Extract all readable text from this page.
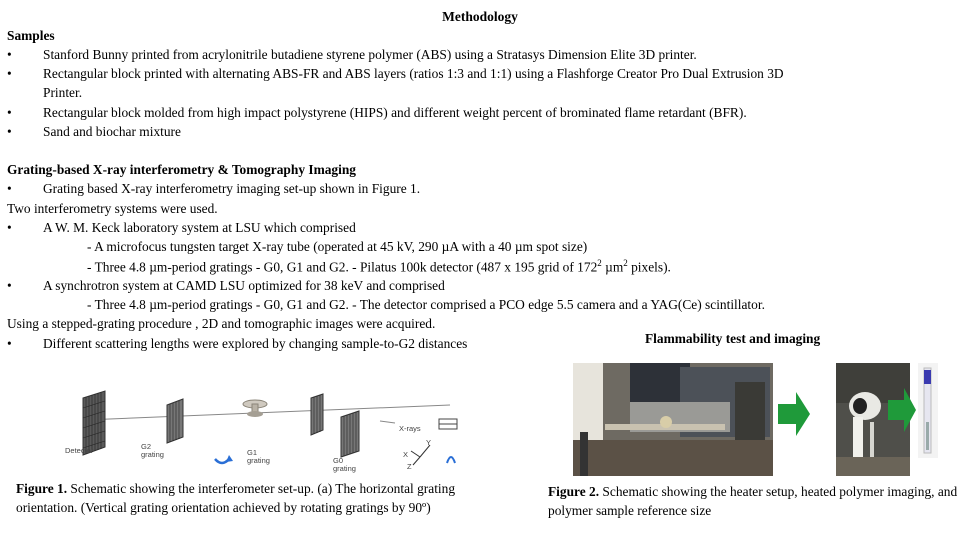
Methodology
Samples
• Stanford Bunny printed from acrylonitrile butadiene styrene polymer (ABS) using a Stratasys Dimension Elite 3D printer.
• Rectangular block printed with alternating ABS-FR and ABS layers (ratios 1:3 and 1:1) using a Flashforge Creator Pro Dual Extrusion 3D
Printer.
• Rectangular block molded from high impact polystyrene (HIPS) and different weight percent of brominated flame retardant (BFR).
• Sand and biochar mixture
Grating-based X-ray interferometry & Tomography Imaging
• Grating based X-ray interferometry imaging set-up shown in Figure 1.
Two interferometry systems were used.
• A W. M. Keck laboratory system at LSU which comprised
- A microfocus tungsten target X-ray tube (operated at 45 kV, 290 µA with a 40 µm spot size)
- Three 4.8 µm-period gratings - G0, G1 and G2. - Pilatus 100k detector (487 x 195 grid of $172^2$ µm$^2$ pixels).
• A synchrotron system at CAMD LSU optimized for 38 keV and comprised
- Three 4.8 µm-period gratings - G0, G1 and G2. - The detector comprised a PCO edge 5.5 camera and a YAG(Ce) scintillator.
Using a stepped-grating procedure , 2D and tomographic images were acquired.
• Different scattering lengths were explored by changing sample-to-G2 distances	Flammability test and imaging
Detector	G2
grating	G1
grating	G0
grating
X-rays
Y
X
Z
Figure 1. Schematic showing the interferometer set-up. (a) The horizontal grating orientation. (Vertical grating orientation achieved by rotating gratings by 90º)
Figure 2. Schematic showing the heater setup, heated polymer imaging, and polymer sample reference size
